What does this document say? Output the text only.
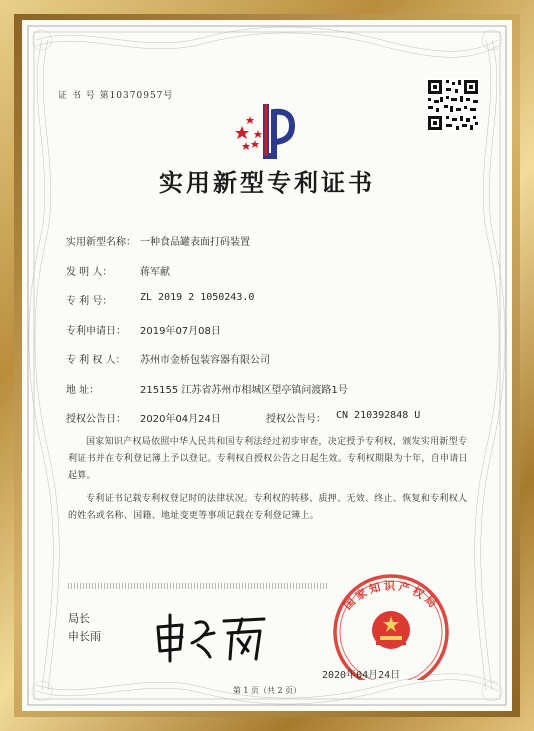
证 书 号 第10370957号
实用新型专利证书
实用新型名称： 一种食品罐表面打码装置
发 明 人：	蒋军献
专 利 号：	ZL 2019 2 1050243.0
专利申请日： 2019年07月08日
专 利 权 人： 苏州市金桥包装容器有限公司
地 址：	215155 江苏省苏州市相城区望亭镇问渡路1号
授权公告日： 2020年04月24日	授权公告号： CN 210392848 U
国家知识产权局依照中华人民共和国专利法经过初步审查，决定授予专利权，颁发实用新型专利证书并在专利登记簿上予以登记。专利权自授权公告之日起生效。专利权期限为十年，自申请日起算。
专利证书记载专利权登记时的法律状况。专利权的转移、质押、无效、终止、恢复和专利权人的姓名或名称、国籍、地址变更等事项记载在专利登记簿上。
局长
申长雨
国家知识产权局
2020年04月24日
第 1 页（共 2 页）
